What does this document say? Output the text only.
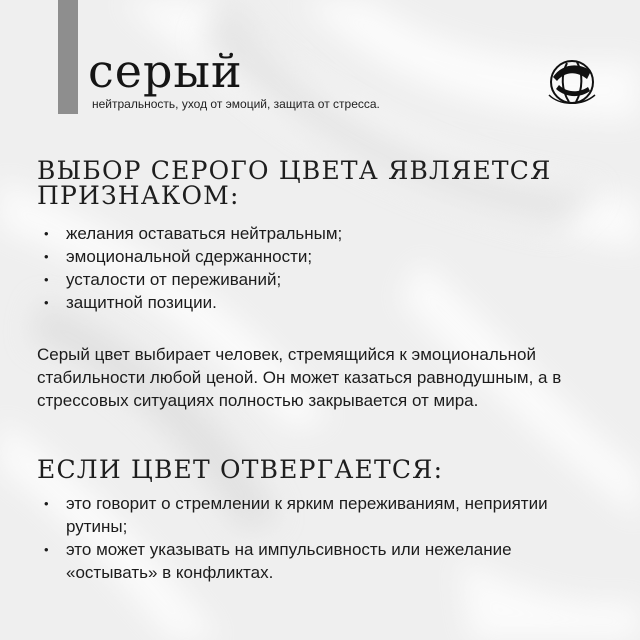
серый
нейтральность, уход от эмоций, защита от стресса.
ВЫБОР СЕРОГО ЦВЕТА ЯВЛЯЕТСЯ ПРИЗНАКОМ:
• желания оставаться нейтральным;
• эмоциональной сдержанности;
• усталости от переживаний;
• защитной позиции.
Серый цвет выбирает человек, стремящийся к эмоциональной стабильности любой ценой. Он может казаться равнодушным, а в стрессовых ситуациях полностью закрывается от мира.
ЕСЛИ ЦВЕТ ОТВЕРГАЕТСЯ:
• это говорит о стремлении к ярким переживаниям, неприятии рутины;
• это может указывать на импульсивность или нежелание «остывать» в конфликтах.
